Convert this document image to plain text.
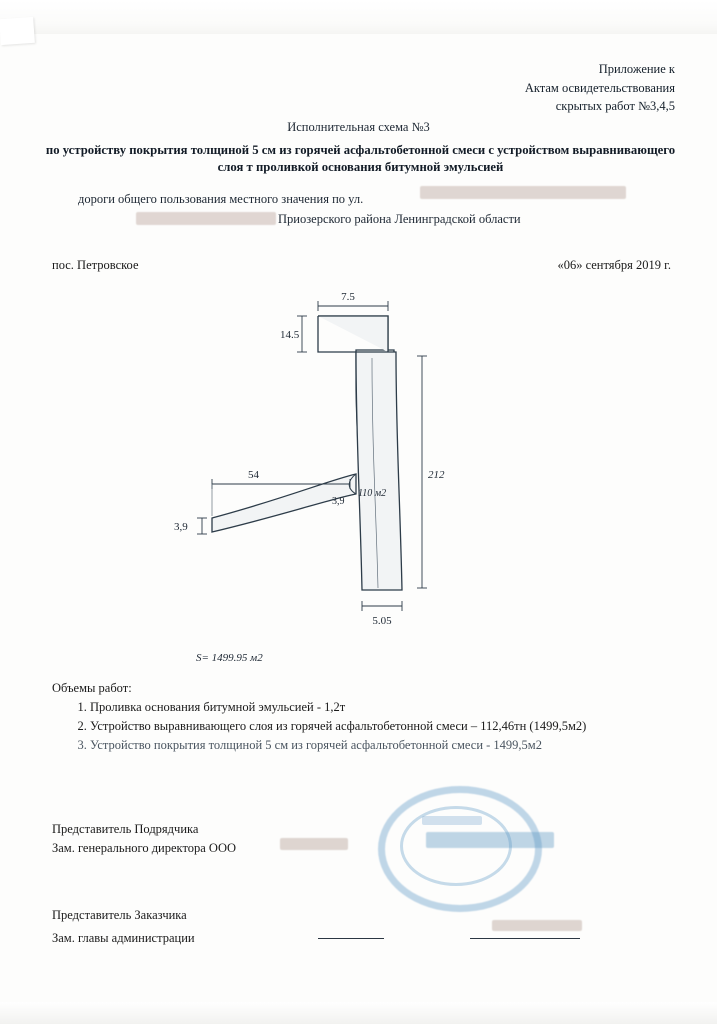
Приложение к
Актам освидетельствования
скрытых работ №3,4,5
Исполнительная схема №3
по устройству покрытия толщиной 5 см из горячей асфальтобетонной смеси с устройством выравнивающего слоя т проливкой основания битумной эмульсией
дороги общего пользования местного значения по ул.
Приозерского района Ленинградской области
пос. Петровское	«06» сентября 2019 г.
7.5
14.5
212
54
3,9
3,9
110 м2
5.05
S= 1499.95 м2
Объемы работ:
1. Проливка основания битумной эмульсией - 1,2т
2. Устройство выравнивающего слоя из горячей асфальтобетонной смеси – 112,46тн (1499,5м2)
3. Устройство покрытия толщиной 5 см из горячей асфальтобетонной смеси - 1499,5м2
Представитель Подрядчика
Зам. генерального директора ООО
Представитель Заказчика
Зам. главы администрации
